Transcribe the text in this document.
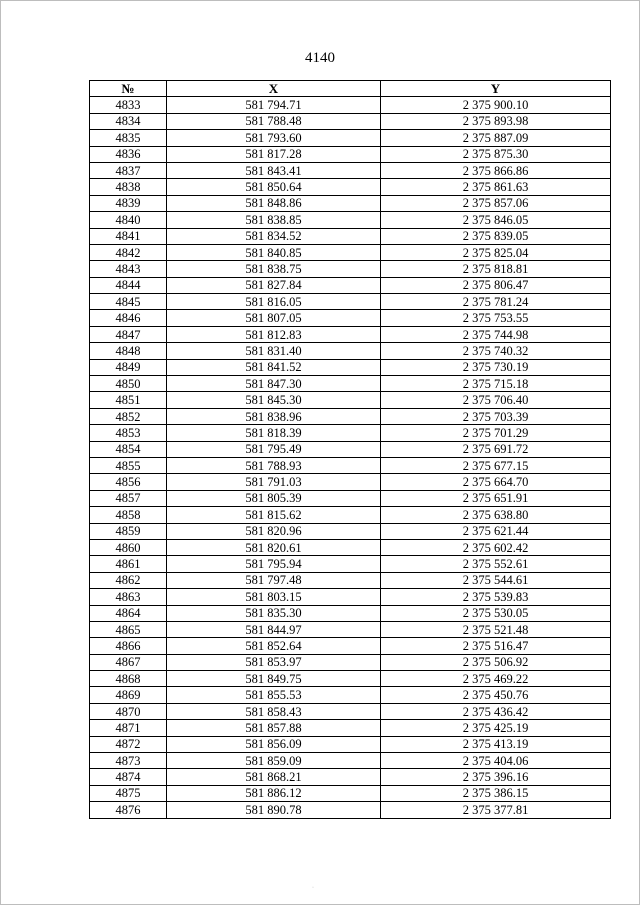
4140
№	X	Y
4833	581 794.71	2 375 900.10
4834	581 788.48	2 375 893.98
4835	581 793.60	2 375 887.09
4836	581 817.28	2 375 875.30
4837	581 843.41	2 375 866.86
4838	581 850.64	2 375 861.63
4839	581 848.86	2 375 857.06
4840	581 838.85	2 375 846.05
4841	581 834.52	2 375 839.05
4842	581 840.85	2 375 825.04
4843	581 838.75	2 375 818.81
4844	581 827.84	2 375 806.47
4845	581 816.05	2 375 781.24
4846	581 807.05	2 375 753.55
4847	581 812.83	2 375 744.98
4848	581 831.40	2 375 740.32
4849	581 841.52	2 375 730.19
4850	581 847.30	2 375 715.18
4851	581 845.30	2 375 706.40
4852	581 838.96	2 375 703.39
4853	581 818.39	2 375 701.29
4854	581 795.49	2 375 691.72
4855	581 788.93	2 375 677.15
4856	581 791.03	2 375 664.70
4857	581 805.39	2 375 651.91
4858	581 815.62	2 375 638.80
4859	581 820.96	2 375 621.44
4860	581 820.61	2 375 602.42
4861	581 795.94	2 375 552.61
4862	581 797.48	2 375 544.61
4863	581 803.15	2 375 539.83
4864	581 835.30	2 375 530.05
4865	581 844.97	2 375 521.48
4866	581 852.64	2 375 516.47
4867	581 853.97	2 375 506.92
4868	581 849.75	2 375 469.22
4869	581 855.53	2 375 450.76
4870	581 858.43	2 375 436.42
4871	581 857.88	2 375 425.19
4872	581 856.09	2 375 413.19
4873	581 859.09	2 375 404.06
4874	581 868.21	2 375 396.16
4875	581 886.12	2 375 386.15
4876	581 890.78	2 375 377.81
·
